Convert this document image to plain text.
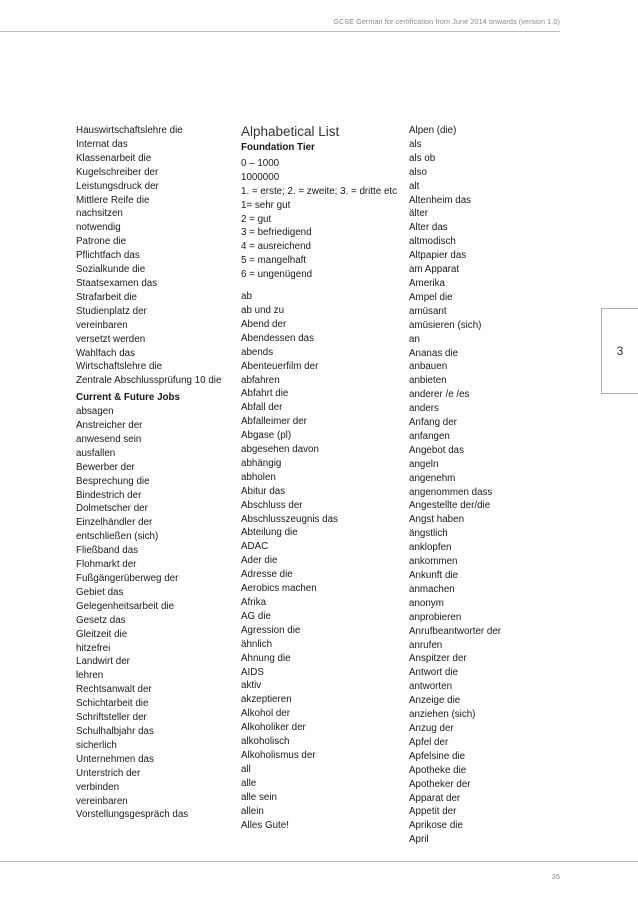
GCSE German for certification from June 2014 onwards (version 1.0)
3
Hauswirtschaftslehre die
Internat das
Klassenarbeit die
Kugelschreiber der
Leistungsdruck der
Mittlere Reife die
nachsitzen
notwendig
Patrone die
Pflichtfach das
Sozialkunde die
Staatsexamen das
Strafarbeit die
Studienplatz der
vereinbaren
versetzt werden
Wahlfach das
Wirtschaftslehre die
Zentrale Abschlussprüfung 10 die
Current & Future Jobs
absagen
Anstreicher der
anwesend sein
ausfallen
Bewerber der
Besprechung die
Bindestrich der
Dolmetscher der
Einzelhändler der
entschließen (sich)
Fließband das
Flohmarkt der
Fußgängerüberweg der
Gebiet das
Gelegenheitsarbeit die
Gesetz das
Gleitzeit die
hitzefrei
Landwirt der
lehren
Rechtsanwalt der
Schichtarbeit die
Schriftsteller der
Schulhalbjahr das
sicherlich
Unternehmen das
Unterstrich der
verbinden
vereinbaren
Vorstellungsgespräch das
Alphabetical List
Foundation Tier
0 – 1000
1000000
1. = erste; 2. = zweite; 3. = dritte etc
1= sehr gut
2 = gut
3 = befriedigend
4 = ausreichend
5 = mangelhaft
6 = ungenügend
ab
ab und zu
Abend der
Abendessen das
abends
Abenteuerfilm der
abfahren
Abfahrt die
Abfall der
Abfalleimer der
Abgase (pl)
abgesehen davon
abhängig
abholen
Abitur das
Abschluss der
Abschlusszeugnis das
Abteilung die
ADAC
Ader die
Adresse die
Aerobics machen
Afrika
AG die
Agression die
ähnlich
Ahnung die
AIDS
aktiv
akzeptieren
Alkohol der
Alkoholiker der
alkoholisch
Alkoholismus der
all
alle
alle sein
allein
Alles Gute!
Alpen (die)
als
als ob
also
alt
Altenheim das
älter
Alter das
altmodisch
Altpapier das
am Apparat
Amerika
Ampel die
amüsant
amüsieren (sich)
an
Ananas die
anbauen
anbieten
anderer /e /es
anders
Anfang der
anfangen
Angebot das
angeln
angenehm
angenommen dass
Angestellte der/die
Angst haben
ängstlich
anklopfen
ankommen
Ankunft die
anmachen
anonym
anprobieren
Anrufbeantworter der
anrufen
Anspitzer der
Antwort die
antworten
Anzeige die
anziehen (sich)
Anzug der
Apfel der
Apfelsine die
Apotheke die
Apotheker der
Apparat der
Appetit der
Aprikose die
April
35
